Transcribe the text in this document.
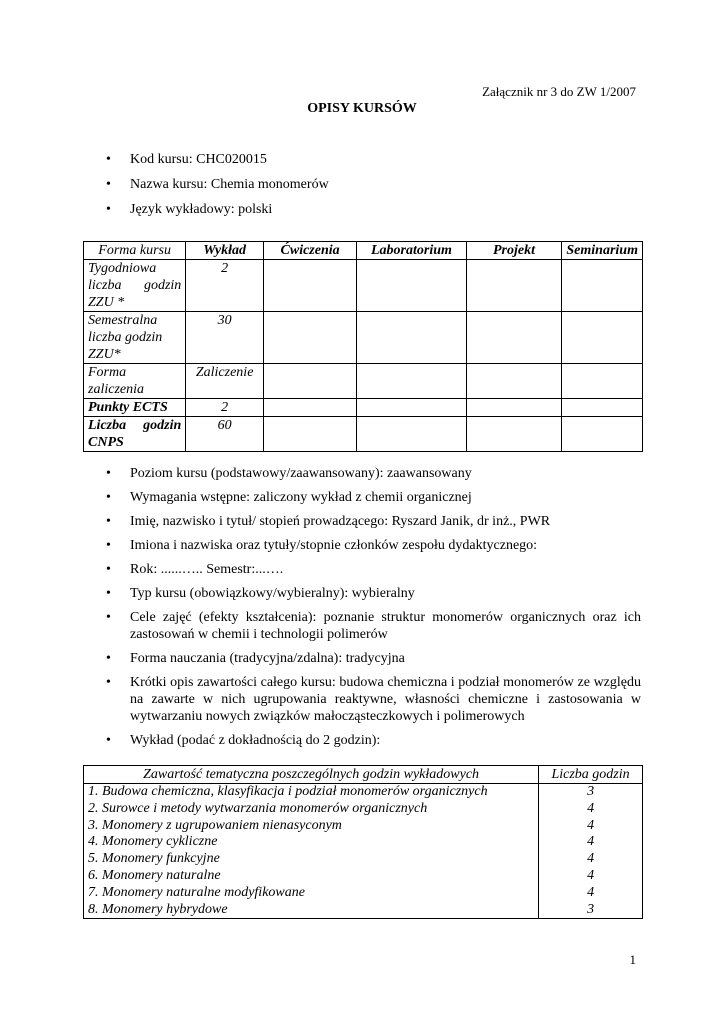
Załącznik nr 3 do ZW 1/2007
OPISY KURSÓW
• Kod kursu: CHC020015
• Nazwa kursu: Chemia monomerów
• Język wykładowy: polski
Forma kursu	Wykład	Ćwiczenia	Laboratorium	Projekt	Seminarium
Tygodniowa liczba godzin ZZU *	2				
Semestralna liczba godzin ZZU*	30				
Forma zaliczenia	Zaliczenie				
Punkty ECTS	2				
Liczba godzin CNPS	60				
• Poziom kursu (podstawowy/zaawansowany): zaawansowany
• Wymagania wstępne: zaliczony wykład z chemii organicznej
• Imię, nazwisko i tytuł/ stopień prowadzącego: Ryszard Janik, dr inż., PWR
• Imiona i nazwiska oraz tytuły/stopnie członków zespołu dydaktycznego:
• Rok: ......….. Semestr:...….
• Typ kursu (obowiązkowy/wybieralny): wybieralny
• Cele zajęć (efekty kształcenia): poznanie struktur monomerów organicznych oraz ich zastosowań w chemii i technologii polimerów
• Forma nauczania (tradycyjna/zdalna): tradycyjna
• Krótki opis zawartości całego kursu: budowa chemiczna i podział monomerów ze względu na zawarte w nich ugrupowania reaktywne, własności chemiczne i zastosowania w wytwarzaniu nowych związków małocząsteczkowych i polimerowych
• Wykład (podać z dokładnością do 2 godzin):
Zawartość tematyczna poszczególnych godzin wykładowych	Liczba godzin
1. Budowa chemiczna, klasyfikacja i podział monomerów organicznych	3
2. Surowce i metody wytwarzania monomerów organicznych	4
3. Monomery z ugrupowaniem nienasyconym	4
4. Monomery cykliczne	4
5. Monomery funkcyjne	4
6. Monomery naturalne	4
7. Monomery naturalne modyfikowane	4
8. Monomery hybrydowe	3
1
